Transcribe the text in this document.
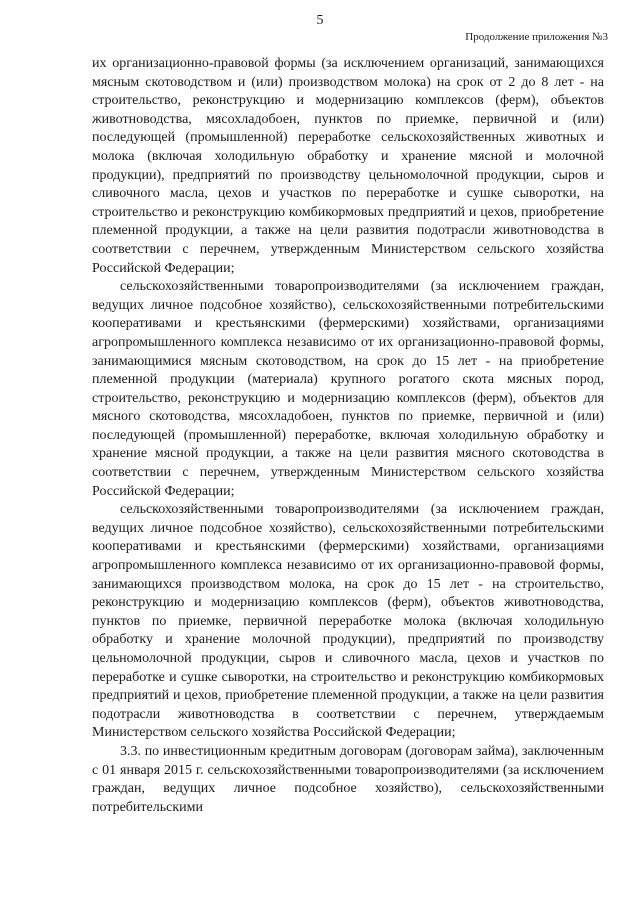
5
Продолжение приложения №3

их организационно-правовой формы (за исключением организаций, занимающихся мясным скотоводством и (или) производством молока) на срок от 2 до 8 лет - на строительство, реконструкцию и модернизацию комплексов (ферм), объектов животноводства, мясохладобоен, пунктов по приемке, первичной и (или) последующей (промышленной) переработке сельскохозяйственных животных и молока (включая холодильную обработку и хранение мясной и молочной продукции), предприятий по производству цельномолочной продукции, сыров и сливочного масла, цехов и участков по переработке и сушке сыворотки, на строительство и реконструкцию комбикормовых предприятий и цехов, приобретение племенной продукции, а также на цели развития подотрасли животноводства в соответствии с перечнем, утвержденным Министерством сельского хозяйства Российской Федерации;

сельскохозяйственными товаропроизводителями (за исключением граждан, ведущих личное подсобное хозяйство), сельскохозяйственными потребительскими кооперативами и крестьянскими (фермерскими) хозяйствами, организациями агропромышленного комплекса независимо от их организационно-правовой формы, занимающимися мясным скотоводством, на срок до 15 лет - на приобретение племенной продукции (материала) крупного рогатого скота мясных пород, строительство, реконструкцию и модернизацию комплексов (ферм), объектов для мясного скотоводства, мясохладобоен, пунктов по приемке, первичной и (или) последующей (промышленной) переработке, включая холодильную обработку и хранение мясной продукции, а также на цели развития мясного скотоводства в соответствии с перечнем, утвержденным Министерством сельского хозяйства Российской Федерации;

сельскохозяйственными товаропроизводителями (за исключением граждан, ведущих личное подсобное хозяйство), сельскохозяйственными потребительскими кооперативами и крестьянскими (фермерскими) хозяйствами, организациями агропромышленного комплекса независимо от их организационно-правовой формы, занимающихся производством молока, на срок до 15 лет - на строительство, реконструкцию и модернизацию комплексов (ферм), объектов животноводства, пунктов по приемке, первичной переработке молока (включая холодильную обработку и хранение молочной продукции), предприятий по производству цельномолочной продукции, сыров и сливочного масла, цехов и участков по переработке и сушке сыворотки, на строительство и реконструкцию комбикормовых предприятий и цехов, приобретение племенной продукции, а также на цели развития подотрасли животноводства в соответствии с перечнем, утверждаемым Министерством сельского хозяйства Российской Федерации;

3.3. по инвестиционным кредитным договорам (договорам займа), заключенным с 01 января 2015 г. сельскохозяйственными товаропроизводителями (за исключением граждан, ведущих личное подсобное хозяйство), сельскохозяйственными потребительскими
